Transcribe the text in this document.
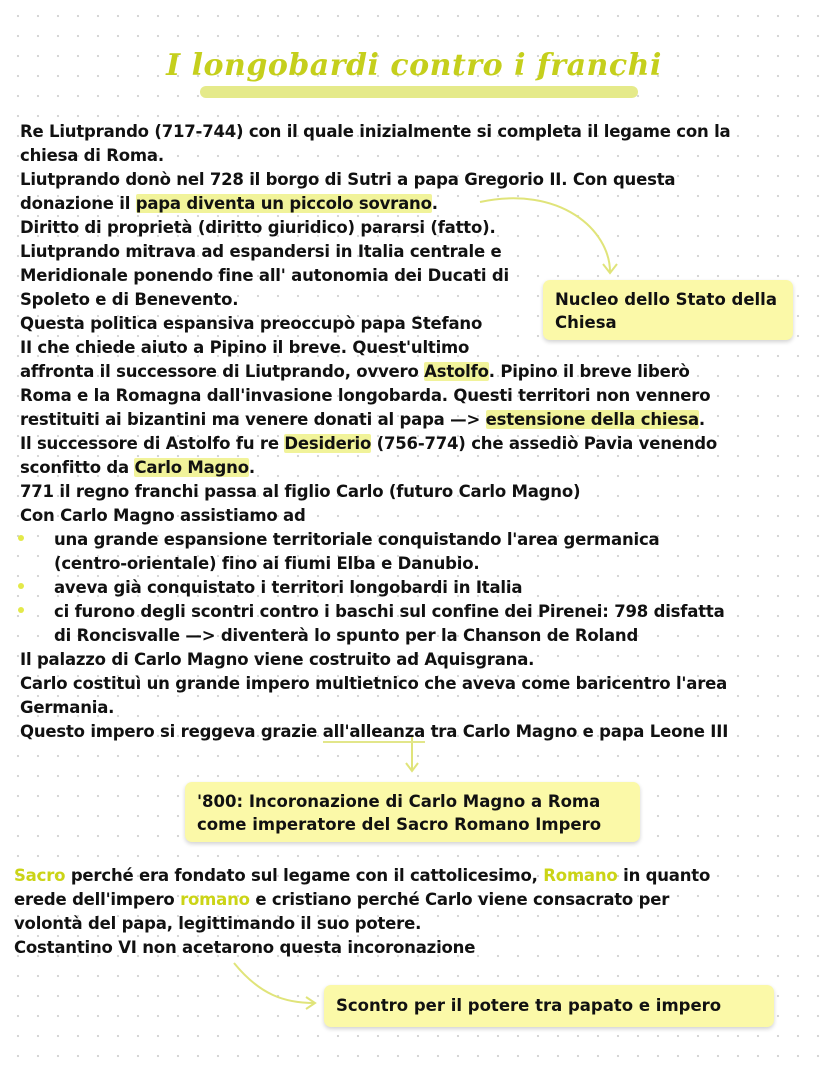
I longobardi contro i franchi
Re Liutprando (717-744) con il quale inizialmente si completa il legame con la
chiesa di Roma.
Liutprando donò nel 728 il borgo di Sutri a papa Gregorio II. Con questa
donazione il papa diventa un piccolo sovrano.
Diritto di proprietà (diritto giuridico) pararsi (fatto).
Liutprando mitrava ad espandersi in Italia centrale e
Meridionale ponendo fine all' autonomia dei Ducati di
Spoleto e di Benevento.
Questa politica espansiva preoccupò papa Stefano
II che chiede aiuto a Pipino il breve. Quest'ultimo
affronta il successore di Liutprando, ovvero Astolfo. Pipino il breve liberò
Roma e la Romagna dall'invasione longobarda. Questi territori non vennero
restituiti ai bizantini ma venere donati al papa —> estensione della chiesa.
Il successore di Astolfo fu re Desiderio (756-774) che assediò Pavia venendo
sconfitto da Carlo Magno.
771 il regno franchi passa al figlio Carlo (futuro Carlo Magno)
Con Carlo Magno assistiamo ad
una grande espansione territoriale conquistando l'area germanica
(centro-orientale) fino ai fiumi Elba e Danubio.
aveva già conquistato i territori longobardi in Italia
ci furono degli scontri contro i baschi sul confine dei Pirenei: 798 disfatta
di Roncisvalle —> diventerà lo spunto per la Chanson de Roland
Il palazzo di Carlo Magno viene costruito ad Aquisgrana.
Carlo costituì un grande impero multietnico che aveva come baricentro l'area
Germania.
Questo impero si reggeva grazie all'alleanza tra Carlo Magno e papa Leone III
Sacro perché era fondato sul legame con il cattolicesimo, Romano in quanto
erede dell'impero romano e cristiano perché Carlo viene consacrato per
volontà del papa, legittimando il suo potere.
Costantino VI non acetarono questa incoronazione
Nucleo dello Stato della
Chiesa
'800: Incoronazione di Carlo Magno a Roma
come imperatore del Sacro Romano Impero
Scontro per il potere tra papato e impero
